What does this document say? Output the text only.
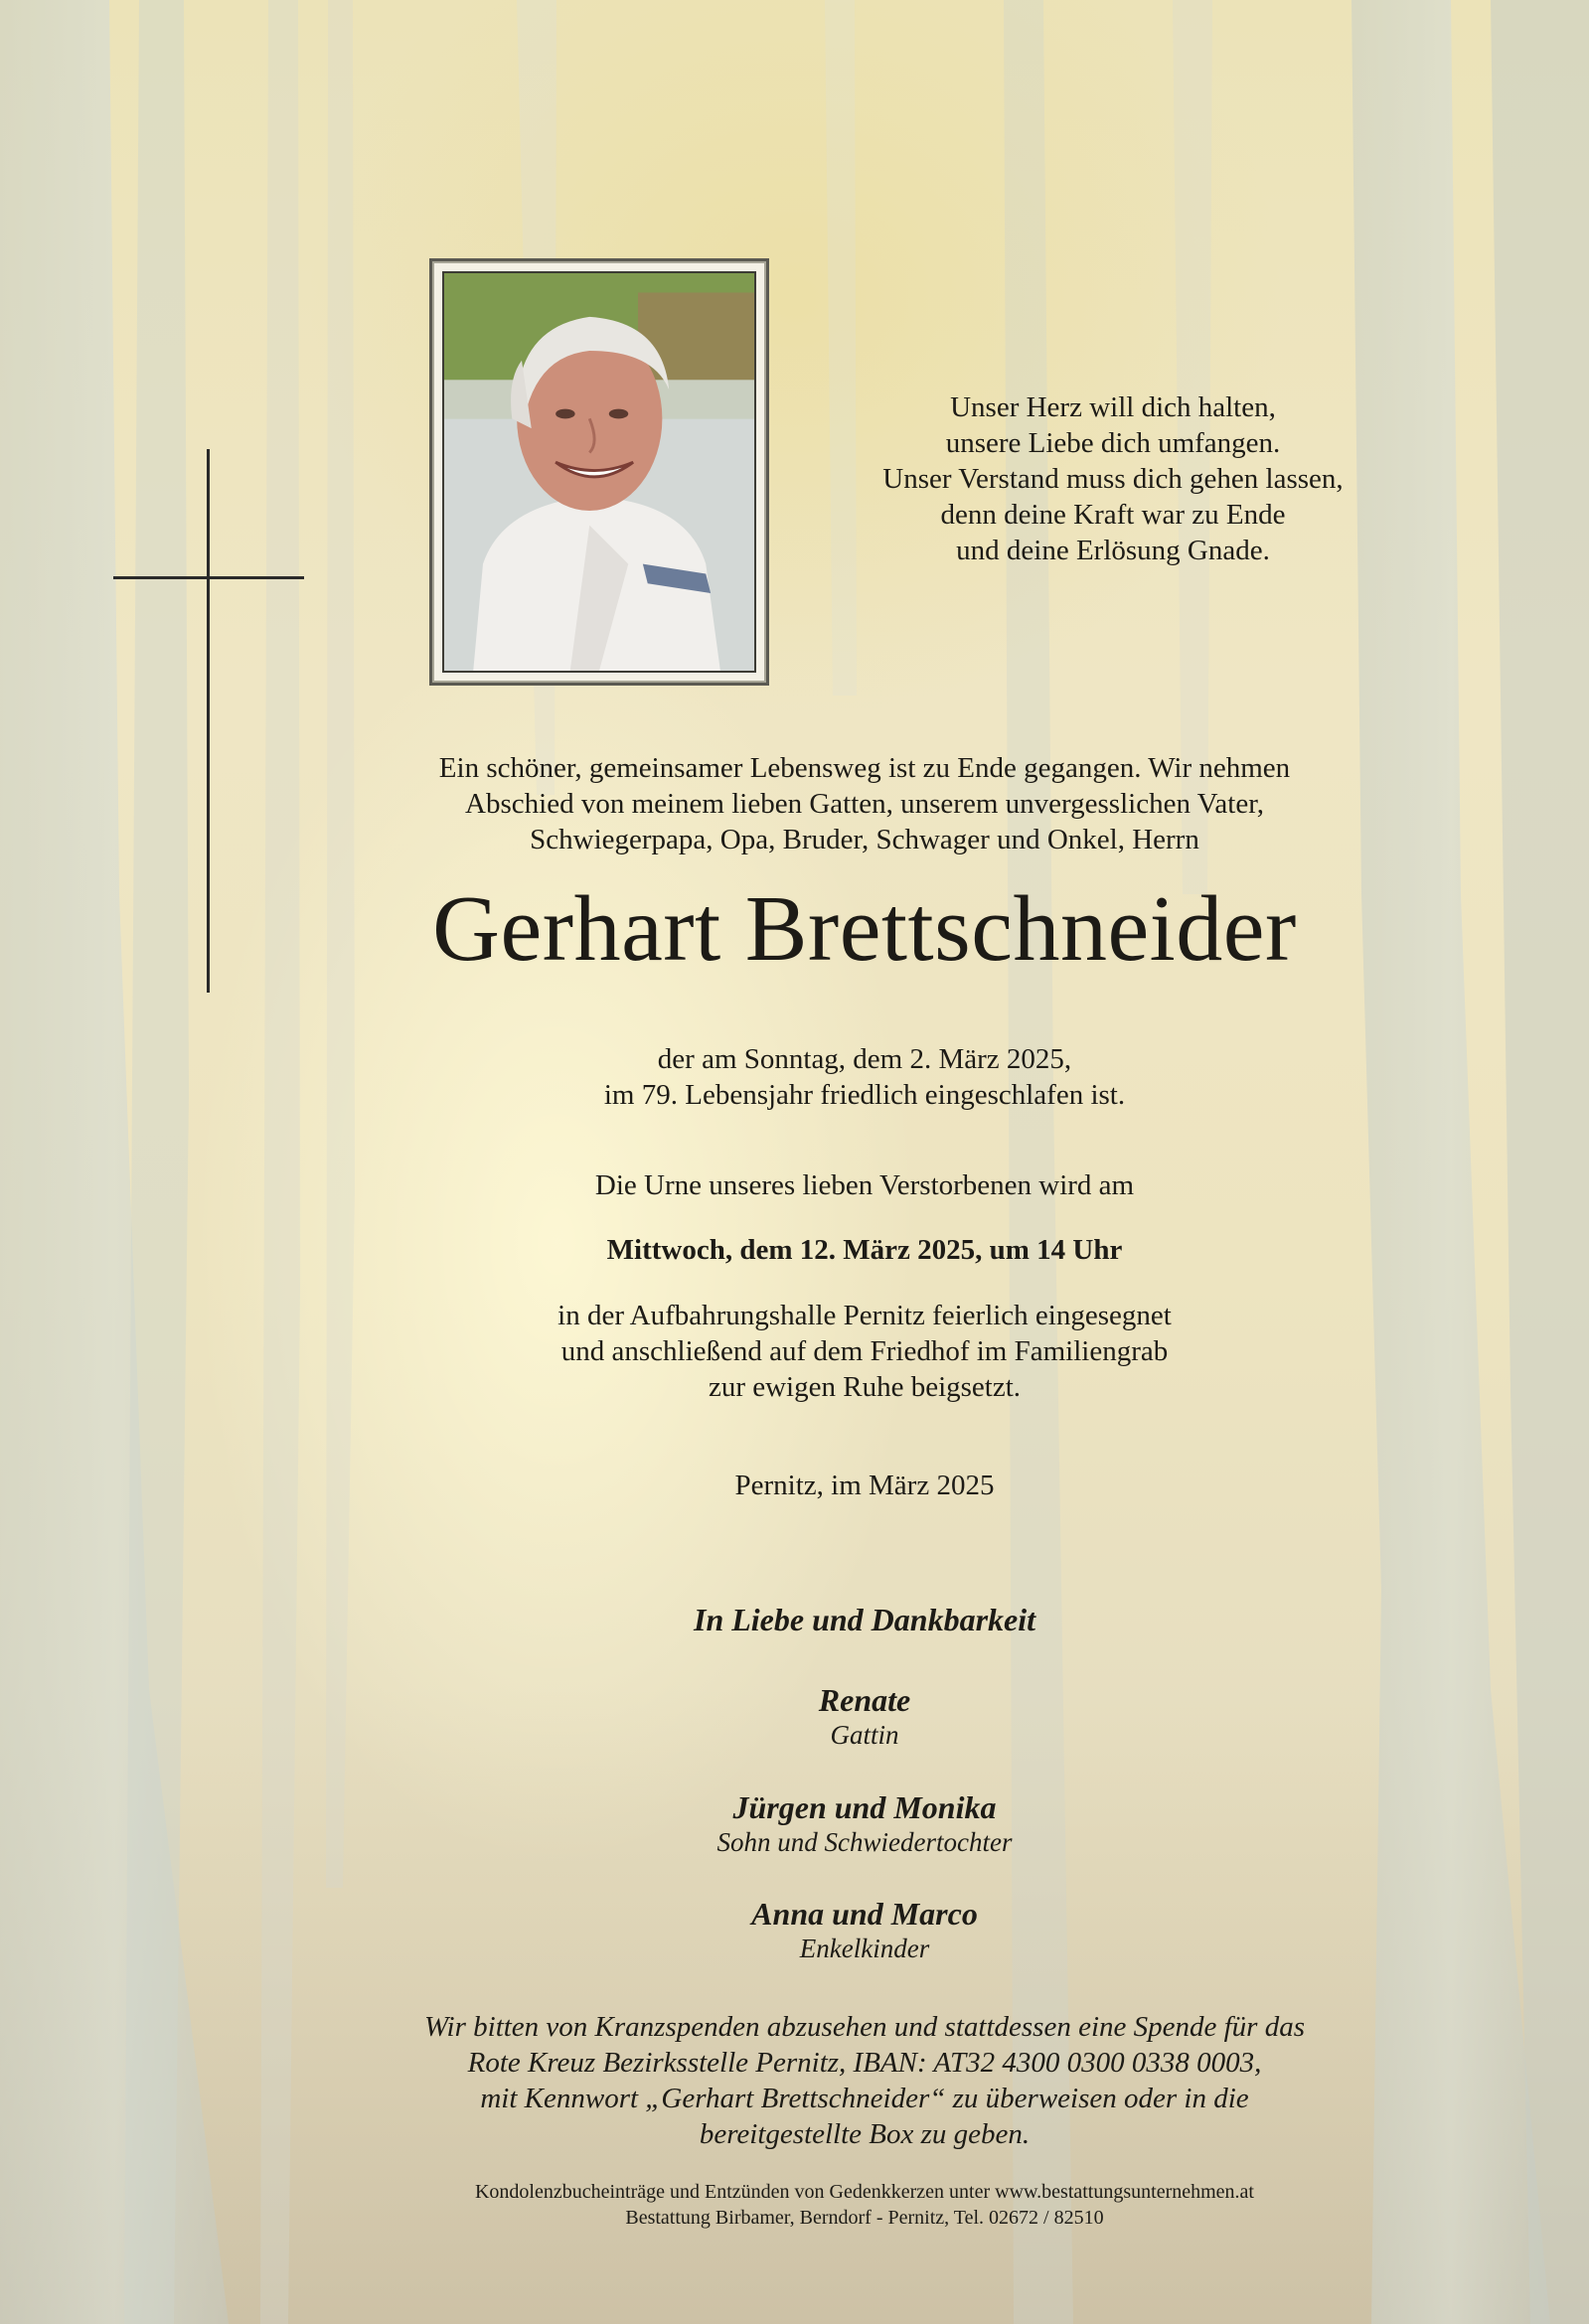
Unser Herz will dich halten,
unsere Liebe dich umfangen.
Unser Verstand muss dich gehen lassen,
denn deine Kraft war zu Ende
und deine Erlösung Gnade.
Ein schöner, gemeinsamer Lebensweg ist zu Ende gegangen. Wir nehmen
Abschied von meinem lieben Gatten, unserem unvergesslichen Vater,
Schwiegerpapa, Opa, Bruder, Schwager und Onkel, Herrn
Gerhart Brettschneider
der am Sonntag, dem 2. März 2025,
im 79. Lebensjahr friedlich eingeschlafen ist.
Die Urne unseres lieben Verstorbenen wird am
Mittwoch, dem 12. März 2025, um 14 Uhr
in der Aufbahrungshalle Pernitz feierlich eingesegnet
und anschließend auf dem Friedhof im Familiengrab
zur ewigen Ruhe beigsetzt.
Pernitz, im März 2025
In Liebe und Dankbarkeit
Renate
Gattin
Jürgen und Monika
Sohn und Schwiedertochter
Anna und Marco
Enkelkinder
Wir bitten von Kranzspenden abzusehen und stattdessen eine Spende für das
Rote Kreuz Bezirksstelle Pernitz, IBAN: AT32 4300 0300 0338 0003,
mit Kennwort „Gerhart Brettschneider“ zu überweisen oder in die
bereitgestellte Box zu geben.
Kondolenzbucheinträge und Entzünden von Gedenkkerzen unter www.bestattungsunternehmen.at
Bestattung Birbamer, Berndorf - Pernitz, Tel. 02672 / 82510
